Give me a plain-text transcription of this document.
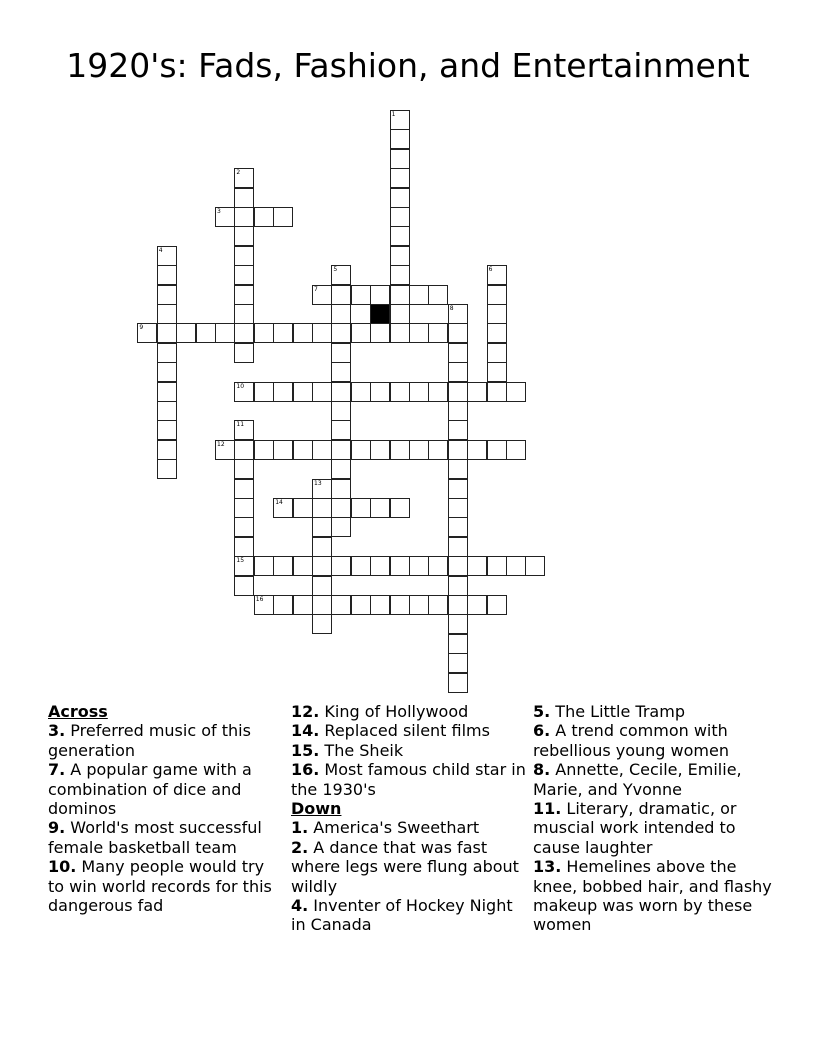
1920's: Fads, Fashion, and Entertainment
1
2
3
4
5	6
7
8
9
10
11
12
13
14
15
16
Across
3. Preferred music of this generation
7. A popular game with a combination of dice and dominos
9. World's most successful female basketball team
10. Many people would try to win world records for this dangerous fad
12. King of Hollywood
14. Replaced silent films
15. The Sheik
16. Most famous child star in the 1930's
Down
1. America's Sweethart
2. A dance that was fast where legs were flung about wildly
4. Inventer of Hockey Night in Canada
5. The Little Tramp
6. A trend common with rebellious young women
8. Annette, Cecile, Emilie, Marie, and Yvonne
11. Literary, dramatic, or muscial work intended to cause laughter
13. Hemelines above the knee, bobbed hair, and flashy makeup was worn by these women
